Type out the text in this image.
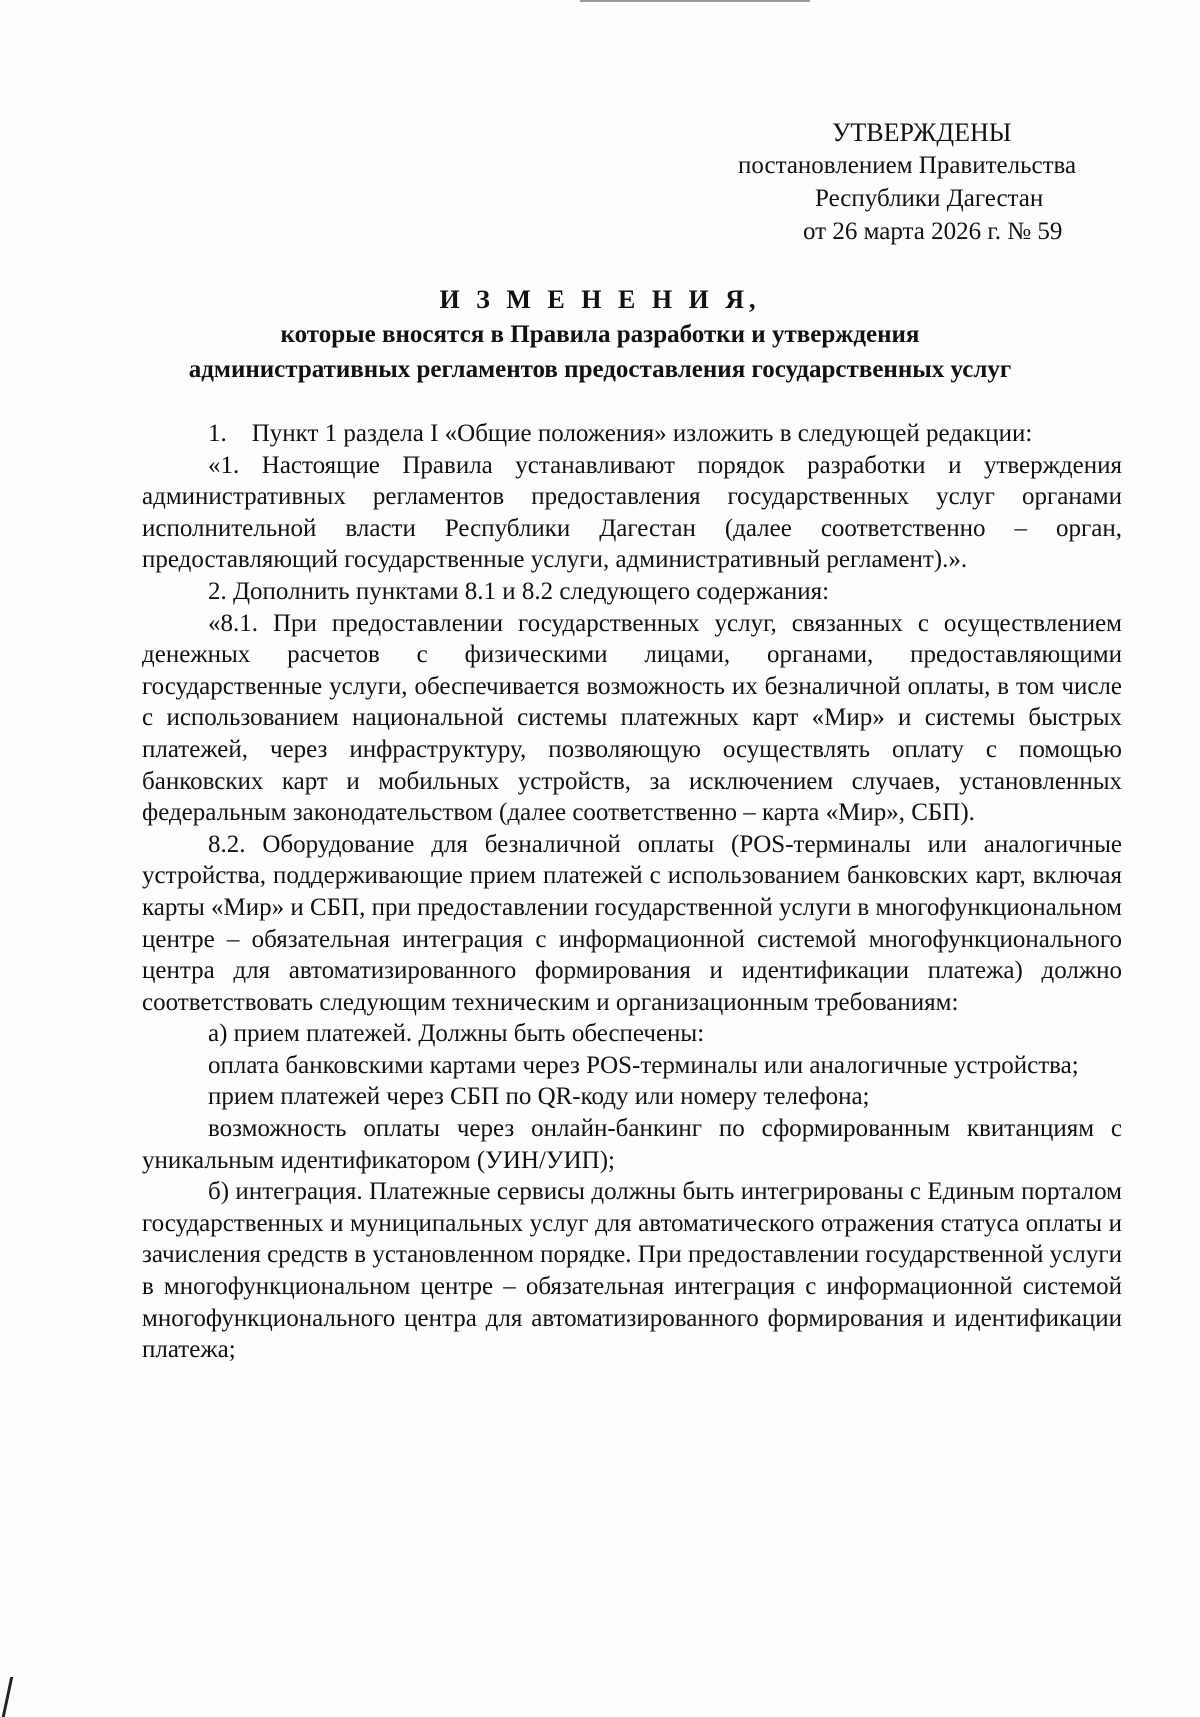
УТВЕРЖДЕНЫ
постановлением Правительства
Республики Дагестан
от 26 марта 2026 г. № 59
И З М Е Н Е Н И Я,
которые вносятся в Правила разработки и утверждения
административных регламентов предоставления государственных услуг

1.    Пункт 1 раздела I «Общие положения» изложить в следующей редакции:

«1. Настоящие Правила устанавливают порядок разработки и утверждения административных регламентов предоставления государственных услуг органами исполнительной власти Республики Дагестан (далее соответственно – орган, предоставляющий государственные услуги, административный регламент).».

2. Дополнить пунктами 8.1 и 8.2 следующего содержания:

«8.1. При предоставлении государственных услуг, связанных с осуществлением денежных расчетов с физическими лицами, органами, предоставляющими государственные услуги, обеспечивается возможность их безналичной оплаты, в том числе с использованием национальной системы платежных карт «Мир» и системы быстрых платежей, через инфраструктуру, позволяющую осуществлять оплату с помощью банковских карт и мобильных устройств, за исключением случаев, установленных федеральным законодательством (далее соответственно – карта «Мир», СБП).

8.2. Оборудование для безналичной оплаты (POS-терминалы или аналогичные устройства, поддерживающие прием платежей с использованием банковских карт, включая карты «Мир» и СБП, при предоставлении государственной услуги в многофункциональном центре – обязательная интеграция с информационной системой многофункционального центра для автоматизированного формирования и идентификации платежа) должно соответствовать следующим техническим и организационным требованиям:

а) прием платежей. Должны быть обеспечены:

оплата банковскими картами через POS-терминалы или аналогичные устройства;

прием платежей через СБП по QR-коду или номеру телефона;

возможность оплаты через онлайн-банкинг по сформированным квитанциям с уникальным идентификатором (УИН/УИП);

б) интеграция. Платежные сервисы должны быть интегрированы с Единым порталом государственных и муниципальных услуг для автоматического отражения статуса оплаты и зачисления средств в установленном порядке. При предоставлении государственной услуги в многофункциональном центре – обязательная интеграция с информационной системой многофункционального центра для автоматизированного формирования и идентификации платежа;
